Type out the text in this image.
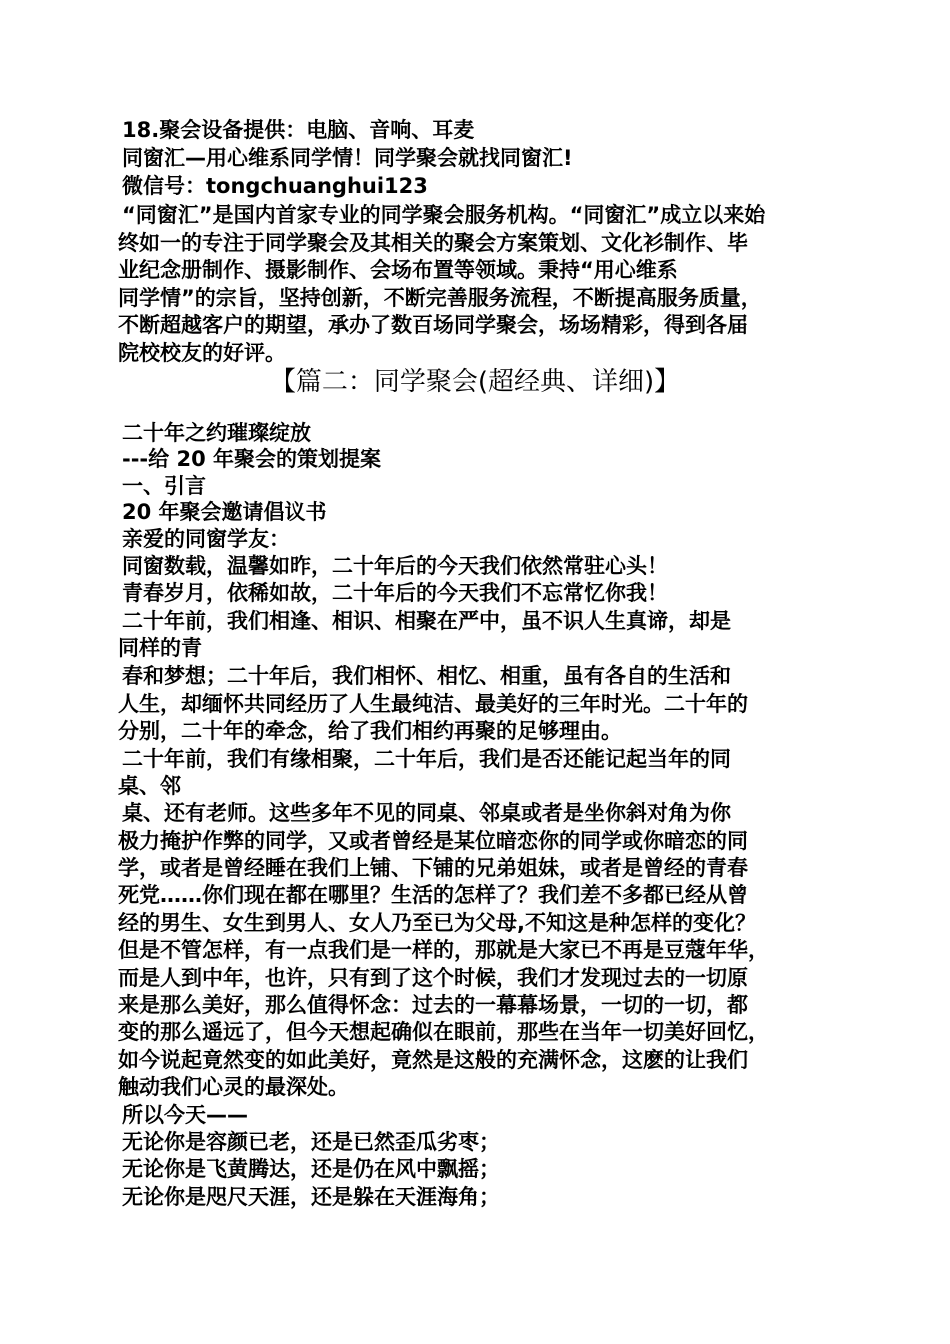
18.聚会设备提供：电脑、音响、耳麦
同窗汇—用心维系同学情！同学聚会就找同窗汇!
微信号：tongchuanghui123
“同窗汇”是国内首家专业的同学聚会服务机构。“同窗汇”成立以来始
终如一的专注于同学聚会及其相关的聚会方案策划、文化衫制作、毕
业纪念册制作、摄影制作、会场布置等领域。秉持“用心维系
同学情”的宗旨，坚持创新，不断完善服务流程，不断提高服务质量，
不断超越客户的期望，承办了数百场同学聚会，场场精彩，得到各届
院校校友的好评。
【篇二：同学聚会(超经典、详细)】
二十年之约璀璨绽放
---给 20 年聚会的策划提案
一、引言
20 年聚会邀请倡议书
亲爱的同窗学友：
同窗数载，温馨如昨，二十年后的今天我们依然常驻心头！
青春岁月，依稀如故，二十年后的今天我们不忘常忆你我！
二十年前，我们相逢、相识、相聚在严中，虽不识人生真谛，却是
同样的青
春和梦想；二十年后，我们相怀、相忆、相重，虽有各自的生活和
人生，却缅怀共同经历了人生最纯洁、最美好的三年时光。二十年的
分别，二十年的牵念，给了我们相约再聚的足够理由。
二十年前，我们有缘相聚，二十年后，我们是否还能记起当年的同
桌、邻
桌、还有老师。这些多年不见的同桌、邻桌或者是坐你斜对角为你
极力掩护作弊的同学，又或者曾经是某位暗恋你的同学或你暗恋的同
学，或者是曾经睡在我们上铺、下铺的兄弟姐妹，或者是曾经的青春
死党……你们现在都在哪里？生活的怎样了？我们差不多都已经从曾
经的男生、女生到男人、女人乃至已为父母,不知这是种怎样的变化？
但是不管怎样，有一点我们是一样的，那就是大家已不再是豆蔻年华，
而是人到中年，也许，只有到了这个时候，我们才发现过去的一切原
来是那么美好，那么值得怀念：过去的一幕幕场景，一切的一切，都
变的那么遥远了，但今天想起确似在眼前，那些在当年一切美好回忆，
如今说起竟然变的如此美好，竟然是这般的充满怀念，这麽的让我们
触动我们心灵的最深处。
所以今天——
无论你是容颜已老，还是已然歪瓜劣枣；
无论你是飞黄腾达，还是仍在风中飘摇；
无论你是咫尺天涯，还是躲在天涯海角；
